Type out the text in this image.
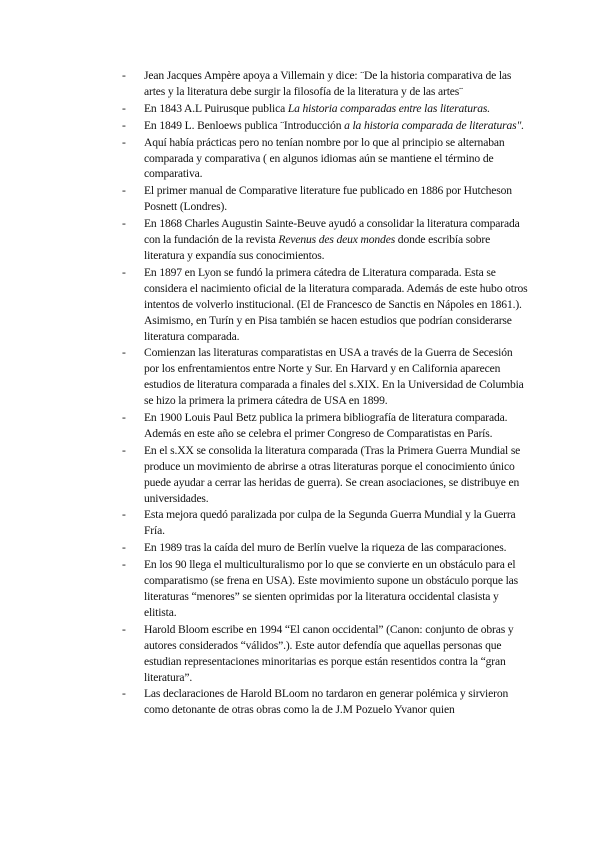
- Jean Jacques Ampère apoya a Villemain y dice: ¨De la historia comparativa de las artes y la literatura debe surgir la filosofía de la literatura y de las artes¨
- En 1843 A.L Puirusque publica La historia comparadas entre las literaturas.
- En 1849 L. Benloews publica ¨Introducción a la historia comparada de literaturas".
- Aquí había prácticas pero no tenían nombre por lo que al principio se alternaban comparada y comparativa ( en algunos idiomas aún se mantiene el término de comparativa.
- El primer manual de Comparative literature fue publicado en 1886 por Hutcheson Posnett (Londres).
- En 1868 Charles Augustin Sainte-Beuve ayudó a consolidar la literatura comparada con la fundación de la revista Revenus des deux mondes donde escribía sobre literatura y expandía sus conocimientos.
- En 1897 en Lyon se fundó la primera cátedra de Literatura comparada. Esta se considera el nacimiento oficial de la literatura comparada. Además de este hubo otros intentos de volverlo institucional. (El de Francesco de Sanctis en Nápoles en 1861.). Asimismo, en Turín y en Pisa también se hacen estudios que podrían considerarse literatura comparada.
- Comienzan las literaturas comparatistas en USA a través de la Guerra de Secesión por los enfrentamientos entre Norte y Sur. En Harvard y en California aparecen estudios de literatura comparada a finales del s.XIX. En la Universidad de Columbia se hizo la primera la primera cátedra de USA en 1899.
- En 1900 Louis Paul Betz publica la primera bibliografía de literatura comparada. Además en este año se celebra el primer Congreso de Comparatistas en París.
- En el s.XX se consolida la literatura comparada (Tras la Primera Guerra Mundial se produce un movimiento de abrirse a otras literaturas porque el conocimiento único puede ayudar a cerrar las heridas de guerra). Se crean asociaciones, se distribuye en universidades.
- Esta mejora quedó paralizada por culpa de la Segunda Guerra Mundial y la Guerra Fría.
- En 1989 tras la caída del muro de Berlín vuelve la riqueza de las comparaciones.
- En los 90 llega el multiculturalismo por lo que se convierte en un obstáculo para el comparatismo (se frena en USA). Este movimiento supone un obstáculo porque las literaturas “menores” se sienten oprimidas por la literatura occidental clasista y elitista.
- Harold Bloom escribe en 1994 “El canon occidental” (Canon: conjunto de obras y autores considerados “válidos”.). Este autor defendía que aquellas personas que estudian representaciones minoritarias es porque están resentidos contra la “gran literatura”.
- Las declaraciones de Harold BLoom no tardaron en generar polémica y sirvieron como detonante de otras obras como la de J.M Pozuelo Yvanor quien
